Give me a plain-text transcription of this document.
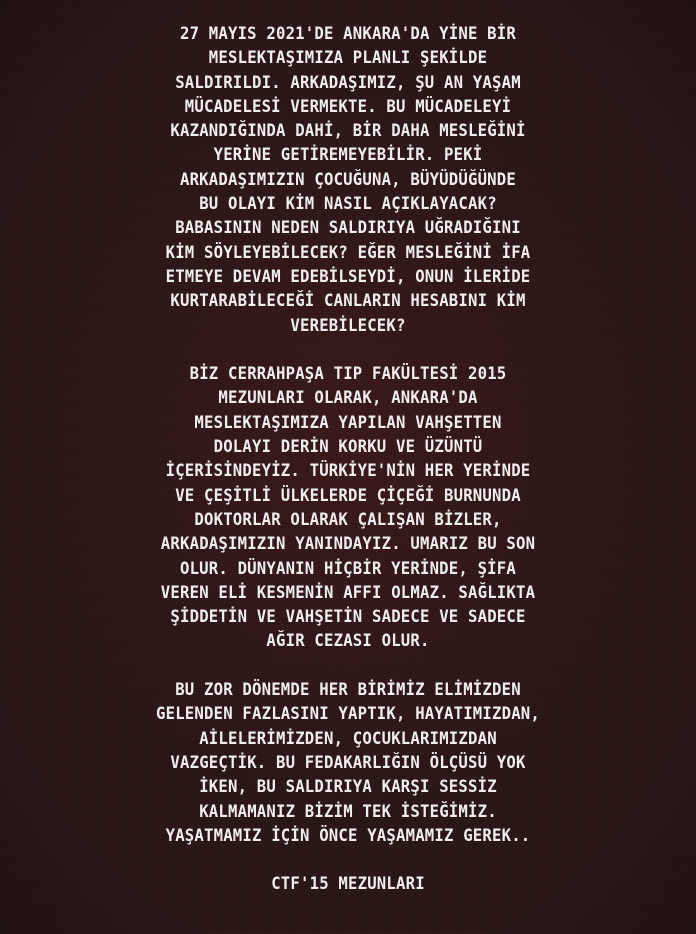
27 MAYIS 2021'DE ANKARA'DA YİNE BİR
MESLEKTAŞIMIZA PLANLI ŞEKİLDE
SALDIRILDI. ARKADAŞIMIZ, ŞU AN YAŞAM
MÜCADELESİ VERMEKTE. BU MÜCADELEYİ
KAZANDIĞINDA DAHİ, BİR DAHA MESLEĞİNİ
YERİNE GETİREMEYEBİLİR. PEKİ
ARKADAŞIMIZIN ÇOCUĞUNA, BÜYÜDÜĞÜNDE
BU OLAYI KİM NASIL AÇIKLAYACAK?
BABASININ NEDEN SALDIRIYA UĞRADIĞINI
KİM SÖYLEYEBİLECEK? EĞER MESLEĞİNİ İFA
ETMEYE DEVAM EDEBİLSEYDİ, ONUN İLERİDE
KURTARABİLECEĞİ CANLARIN HESABINI KİM
VEREBİLECEK?
BİZ CERRAHPAŞA TIP FAKÜLTESİ 2015
MEZUNLARI OLARAK, ANKARA'DA
MESLEKTAŞIMIZA YAPILAN VAHŞETTEN
DOLAYI DERİN KORKU VE ÜZÜNTÜ
İÇERİSİNDEYİZ. TÜRKİYE'NİN HER YERİNDE
VE ÇEŞİTLİ ÜLKELERDE ÇİÇEĞİ BURNUNDA
DOKTORLAR OLARAK ÇALIŞAN BİZLER,
ARKADAŞIMIZIN YANINDAYIZ. UMARIZ BU SON
OLUR. DÜNYANIN HİÇBİR YERİNDE, ŞİFA
VEREN ELİ KESMENİN AFFI OLMAZ. SAĞLIKTA
ŞİDDETİN VE VAHŞETİN SADECE VE SADECE
AĞIR CEZASI OLUR.
BU ZOR DÖNEMDE HER BİRİMİZ ELİMİZDEN
GELENDEN FAZLASINI YAPTIK, HAYATIMIZDAN,
AİLELERİMİZDEN, ÇOCUKLARIMIZDAN
VAZGEÇTİK. BU FEDAKARLIĞIN ÖLÇÜSÜ YOK
İKEN, BU SALDIRIYA KARŞI SESSİZ
KALMAMANIZ BİZİM TEK İSTEĞİMİZ.
YAŞATMAMIZ İÇİN ÖNCE YAŞAMAMIZ GEREK..
CTF'15 MEZUNLARI
